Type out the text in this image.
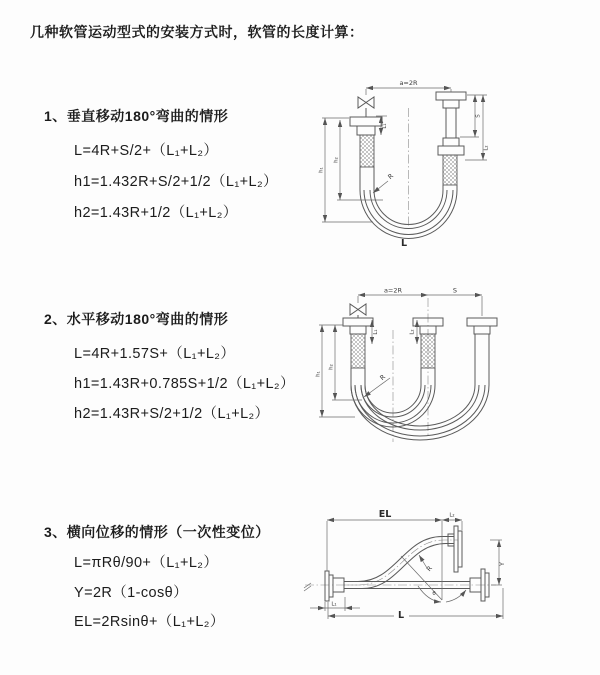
几种软管运动型式的安装方式时，软管的长度计算：
1、垂直移动180°弯曲的情形
L=4R+S/2+（L₁+L₂）
h1=1.432R+S/2+1/2（L₁+L₂）
h2=1.43R+1/2（L₁+L₂）
2、水平移动180°弯曲的情形
L=4R+1.57S+（L₁+L₂）
h1=1.43R+0.785S+1/2（L₁+L₂）
h2=1.43R+S/2+1/2（L₁+L₂）
3、横向位移的情形（一次性变位）
L=πRθ/90+（L₁+L₂）
Y=2R（1-cosθ）
EL=2Rsinθ+（L₁+L₂）
a=2R
h₁
h₂
L₁
S
L₂
R
L
a=2R	S
h₁
h₂
L₁	L₂
R
EL	L₂
θ
R
Y
L₁
L
